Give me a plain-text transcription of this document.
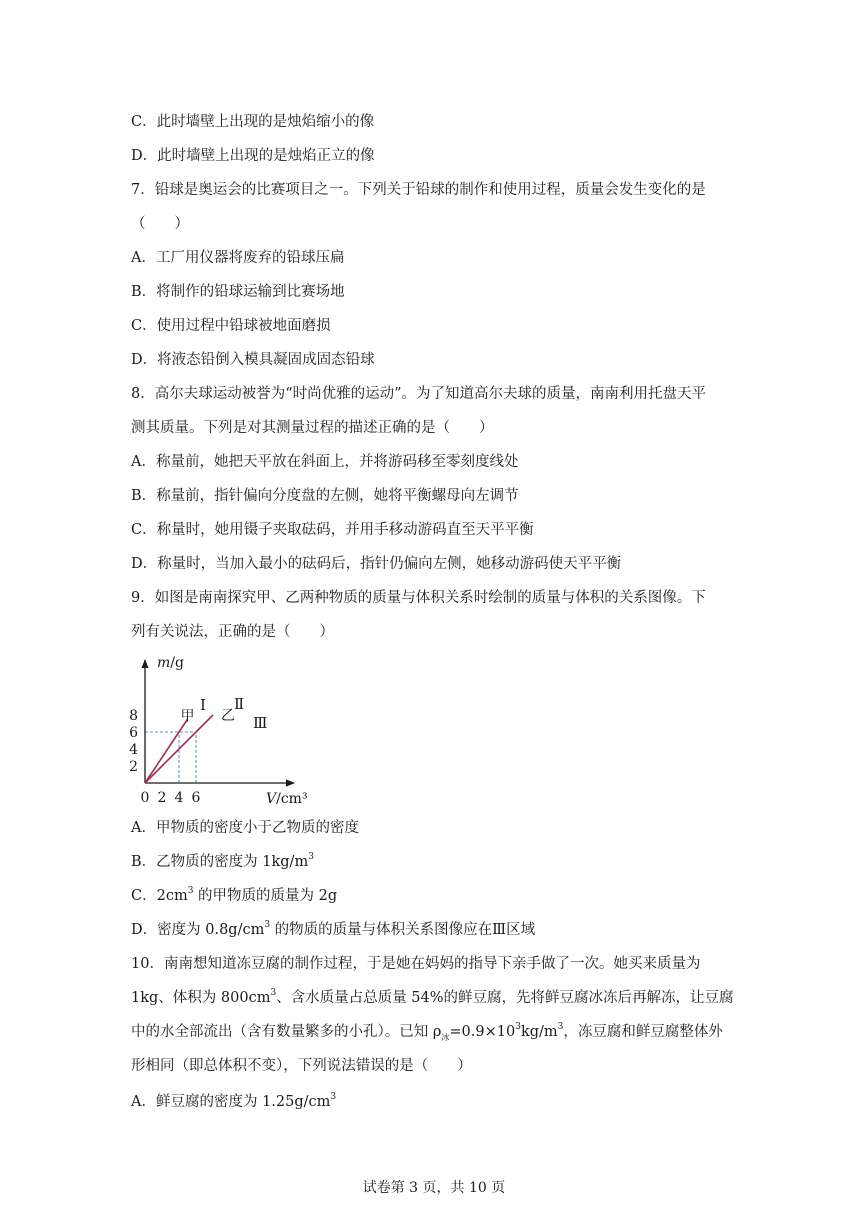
C．此时墙壁上出现的是烛焰缩小的像
D．此时墙壁上出现的是烛焰正立的像
7．铅球是奥运会的比赛项目之一。下列关于铅球的制作和使用过程，质量会发生变化的是
（　　）
A．工厂用仪器将废弃的铅球压扁
B．将制作的铅球运输到比赛场地
C．使用过程中铅球被地面磨损
D．将液态铅倒入模具凝固成固态铅球
8．高尔夫球运动被誉为“时尚优雅的运动”。为了知道高尔夫球的质量，南南利用托盘天平
测其质量。下列是对其测量过程的描述正确的是（　　）
A．称量前，她把天平放在斜面上，并将游码移至零刻度线处
B．称量前，指针偏向分度盘的左侧，她将平衡螺母向左调节
C．称量时，她用镊子夹取砝码，并用手移动游码直至天平平衡
D．称量时，当加入最小的砝码后，指针仍偏向左侧，她移动游码使天平平衡
9．如图是南南探究甲、乙两种物质的质量与体积关系时绘制的质量与体积的关系图像。下
列有关说法，正确的是（　　）
甲 乙
2 4 6
2
4
6
8
0
m/g
V/cm³
Ⅰ Ⅱ
Ⅲ
A．甲物质的密度小于乙物质的密度
B．乙物质的密度为 $1kg/m^3$
C．$2cm^3$ 的甲物质的质量为 2g
D．密度为 $0.8g/cm^3$ 的物质的质量与体积关系图像应在Ⅲ区域
10．南南想知道冻豆腐的制作过程，于是她在妈妈的指导下亲手做了一次。她买来质量为
1kg、体积为 $800cm^3$、含水质量占总质量 54%的鲜豆腐，先将鲜豆腐冰冻后再解冻，让豆腐
中的水全部流出（含有数量繁多的小孔）。已知 $\rho_冰=0.9\times 10^3kg/m^3$，冻豆腐和鲜豆腐整体外
形相同（即总体积不变），下列说法错误的是（　　）
A．鲜豆腐的密度为 $1.25g/cm^3$
试卷第 3 页，共 10 页
